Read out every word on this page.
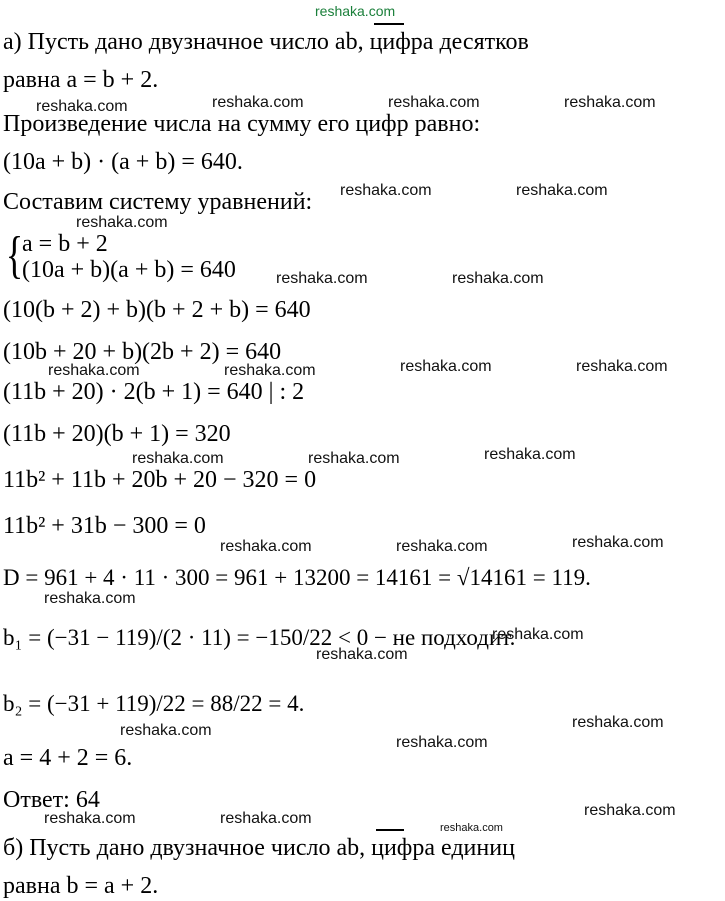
reshaka.com
а) Пусть дано двузначное число ab, цифра десятков
равна a = b + 2.
Произведение числа на сумму его цифр равно:
(10a + b) · (a + b) = 640.
Составим систему уравнений:
{
a = b + 2
(10a + b)(a + b) = 640
(10(b + 2) + b)(b + 2 + b) = 640
(10b + 20 + b)(2b + 2) = 640
(11b + 20) · 2(b + 1) = 640 | : 2
(11b + 20)(b + 1) = 320
11b² + 11b + 20b + 20 − 320 = 0
11b² + 31b − 300 = 0
D = 961 + 4 · 11 · 300 = 961 + 13200 = 14161 = √14161 = 119.
b₁ = (−31 − 119)/(2 · 11) = −150/22 < 0 − не подходит.
b₂ = (−31 + 119)/22 = 88/22 = 4.
a = 4 + 2 = 6.
Ответ: 64
б) Пусть дано двузначное число ab, цифра единиц
равна b = a + 2.
reshaka.com	reshaka.com	reshaka.com	reshaka.com
reshaka.com	reshaka.com
reshaka.com
reshaka.com	reshaka.com
reshaka.com	reshaka.com
reshaka.com	reshaka.com
reshaka.com
reshaka.com	reshaka.com
reshaka.com	reshaka.com	reshaka.com
reshaka.com
reshaka.com
reshaka.com
reshaka.com
reshaka.com
reshaka.com
reshaka.com
reshaka.com	reshaka.com
reshaka.com
